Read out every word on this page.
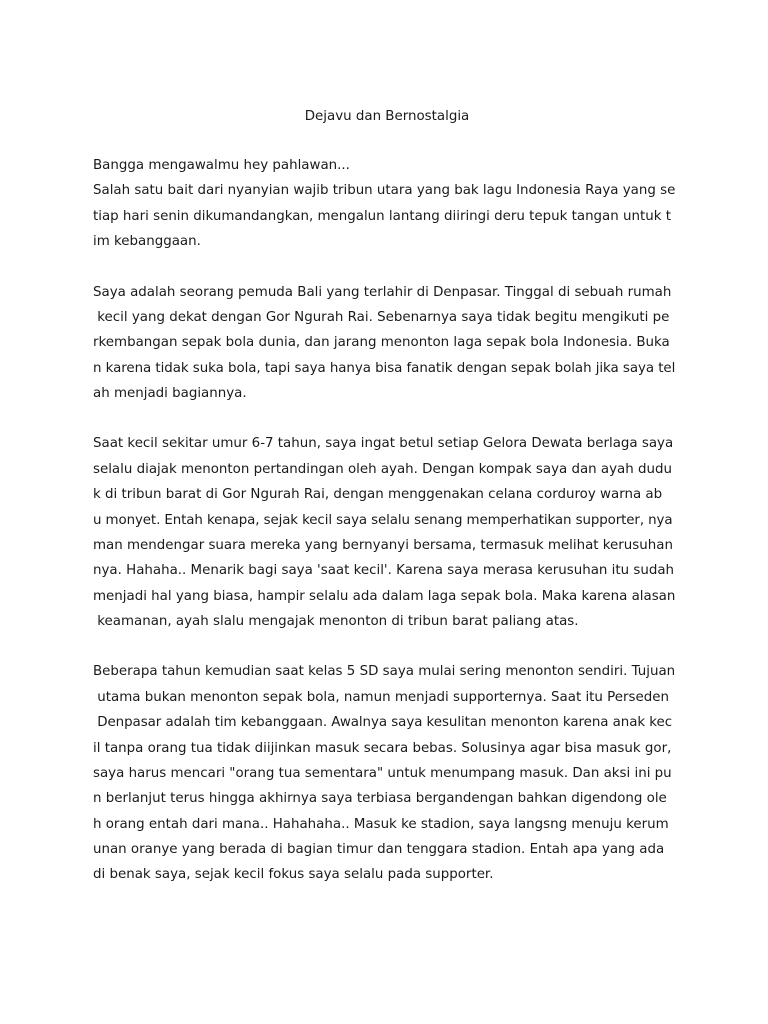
Dejavu dan Bernostalgia
Bangga mengawalmu hey pahlawan...
Salah satu bait dari nyanyian wajib tribun utara yang bak lagu Indonesia Raya yang se
tiap hari senin dikumandangkan, mengalun lantang diiringi deru tepuk tangan untuk t
im kebanggaan.
Saya adalah seorang pemuda Bali yang terlahir di Denpasar. Tinggal di sebuah rumah
kecil yang dekat dengan Gor Ngurah Rai. Sebenarnya saya tidak begitu mengikuti pe
rkembangan sepak bola dunia, dan jarang menonton laga sepak bola Indonesia. Buka
n karena tidak suka bola, tapi saya hanya bisa fanatik dengan sepak bolah jika saya tel
ah menjadi bagiannya.
Saat kecil sekitar umur 6-7 tahun, saya ingat betul setiap Gelora Dewata berlaga saya
selalu diajak menonton pertandingan oleh ayah. Dengan kompak saya dan ayah dudu
k di tribun barat di Gor Ngurah Rai, dengan menggenakan celana corduroy warna ab
u monyet. Entah kenapa, sejak kecil saya selalu senang memperhatikan supporter, nya
man mendengar suara mereka yang bernyanyi bersama, termasuk melihat kerusuhan
nya. Hahaha.. Menarik bagi saya 'saat kecil'. Karena saya merasa kerusuhan itu sudah
menjadi hal yang biasa, hampir selalu ada dalam laga sepak bola. Maka karena alasan
keamanan, ayah slalu mengajak menonton di tribun barat paliang atas.
Beberapa tahun kemudian saat kelas 5 SD saya mulai sering menonton sendiri. Tujuan
utama bukan menonton sepak bola, namun menjadi supporternya. Saat itu Perseden
Denpasar adalah tim kebanggaan. Awalnya saya kesulitan menonton karena anak kec
il tanpa orang tua tidak diijinkan masuk secara bebas. Solusinya agar bisa masuk gor,
saya harus mencari "orang tua sementara" untuk menumpang masuk. Dan aksi ini pu
n berlanjut terus hingga akhirnya saya terbiasa bergandengan bahkan digendong ole
h orang entah dari mana.. Hahahaha.. Masuk ke stadion, saya langsng menuju kerum
unan oranye yang berada di bagian timur dan tenggara stadion. Entah apa yang ada
di benak saya, sejak kecil fokus saya selalu pada supporter.
